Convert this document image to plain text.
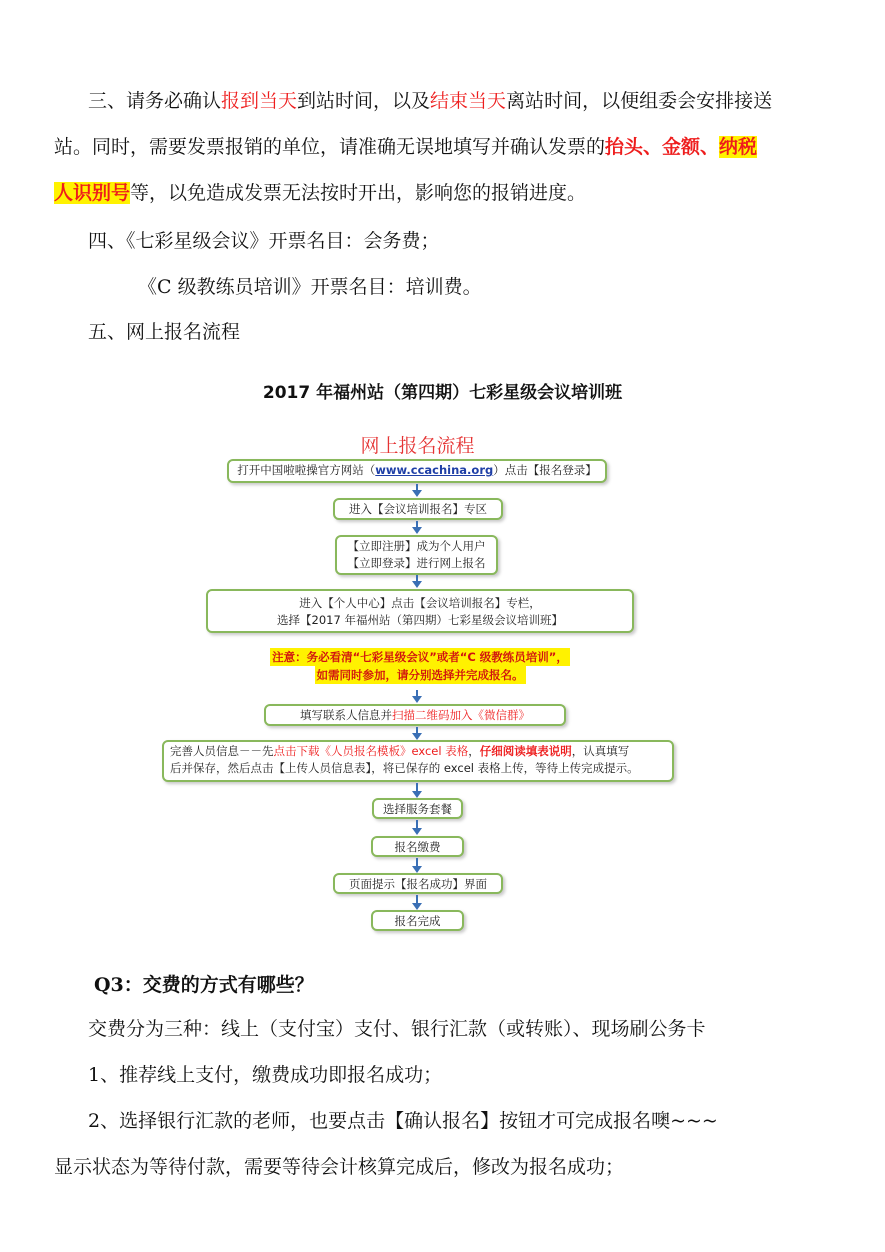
三、请务必确认报到当天到站时间，以及结束当天离站时间，以便组委会安排接送

站。同时，需要发票报销的单位，请准确无误地填写并确认发票的抬头、金额、纳税

人识别号等，以免造成发票无法按时开出，影响您的报销进度。

四、《七彩星级会议》开票名目：会务费；

《C 级教练员培训》开票名目：培训费。

五、网上报名流程

2017 年福州站（第四期）七彩星级会议培训班
网上报名流程
打开中国啦啦操官方网站（www.ccachina.org）点击【报名登录】
进入【会议培训报名】专区
【立即注册】成为个人用户
【立即登录】进行网上报名
进入【个人中心】点击【会议培训报名】专栏，
选择【2017 年福州站（第四期）七彩星级会议培训班】
注意：务必看清“七彩星级会议”或者“C 级教练员培训”，
如需同时参加，请分别选择并完成报名。
填写联系人信息并扫描二维码加入《微信群》
完善人员信息－－先点击下载《人员报名模板》excel 表格，仔细阅读填表说明，认真填写
后并保存，然后点击【上传人员信息表】，将已保存的 excel 表格上传，等待上传完成提示。
选择服务套餐
报名缴费
页面提示【报名成功】界面
报名完成
Q3：交费的方式有哪些？

交费分为三种：线上（支付宝）支付、银行汇款（或转账）、现场刷公务卡

1、推荐线上支付，缴费成功即报名成功；

2、选择银行汇款的老师，也要点击【确认报名】按钮才可完成报名噢~~~

显示状态为等待付款，需要等待会计核算完成后，修改为报名成功；
